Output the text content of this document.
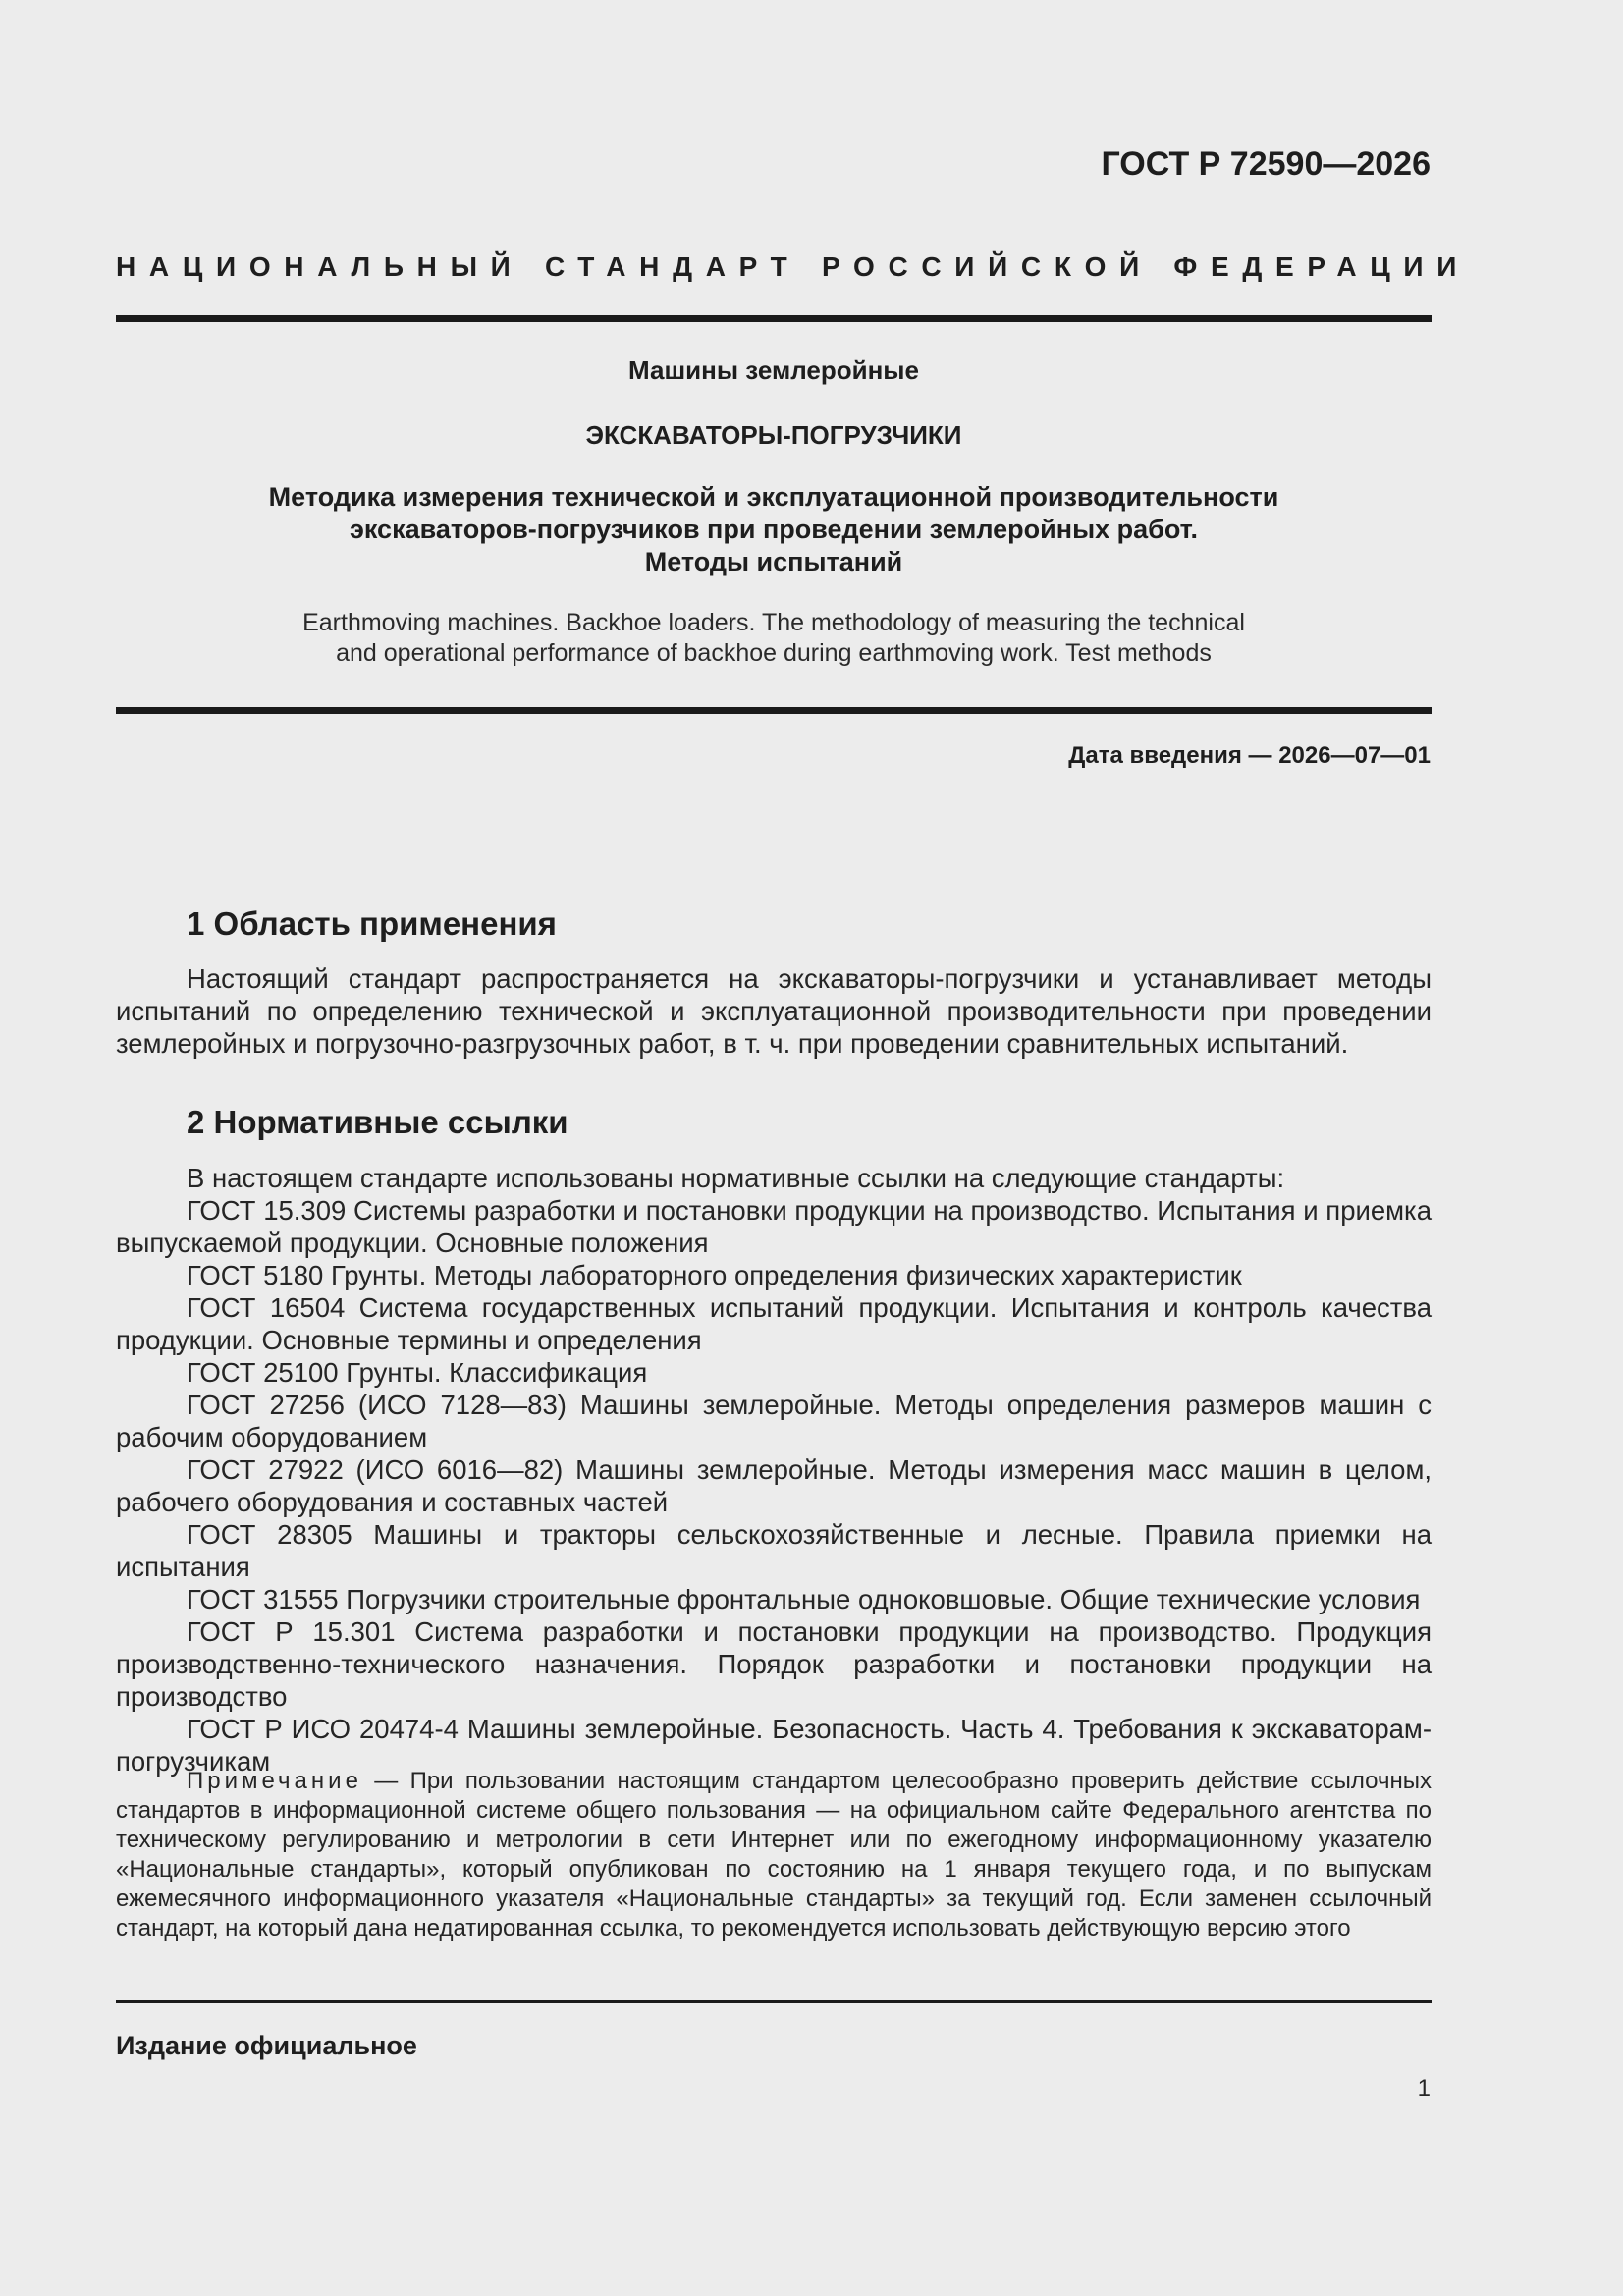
ГОСТ Р 72590—2026
НАЦИОНАЛЬНЫЙ СТАНДАРТ РОССИЙСКОЙ ФЕДЕРАЦИИ
Машины землеройные
ЭКСКАВАТОРЫ-ПОГРУЗЧИКИ
Методика измерения технической и эксплуатационной производительности
экскаваторов-погрузчиков при проведении землеройных работ.
Методы испытаний
Earthmoving machines. Backhoe loaders. The methodology of measuring the technical
and operational performance of backhoe during earthmoving work. Test methods
Дата введения — 2026—07—01
1 Область применения

Настоящий стандарт распространяется на экскаваторы-погрузчики и устанавливает методы испытаний по определению технической и эксплуатационной производительности при проведении землеройных и погрузочно-разгрузочных работ, в т. ч. при проведении сравнительных испытаний.

2 Нормативные ссылки

В настоящем стандарте использованы нормативные ссылки на следующие стандарты:

ГОСТ 15.309 Системы разработки и постановки продукции на производство. Испытания и приемка выпускаемой продукции. Основные положения

ГОСТ 5180 Грунты. Методы лабораторного определения физических характеристик

ГОСТ 16504 Система государственных испытаний продукции. Испытания и контроль качества продукции. Основные термины и определения

ГОСТ 25100 Грунты. Классификация

ГОСТ 27256 (ИСО 7128—83) Машины землеройные. Методы определения размеров машин с рабочим оборудованием

ГОСТ 27922 (ИСО 6016—82) Машины землеройные. Методы измерения масс машин в целом, рабочего оборудования и составных частей

ГОСТ 28305 Машины и тракторы сельскохозяйственные и лесные. Правила приемки на испытания

ГОСТ 31555 Погрузчики строительные фронтальные одноковшовые. Общие технические условия

ГОСТ Р 15.301 Система разработки и постановки продукции на производство. Продукция производственно-технического назначения. Порядок разработки и постановки продукции на производство

ГОСТ Р ИСО 20474-4 Машины землеройные. Безопасность. Часть 4. Требования к экскаваторам-погрузчикам

Примечание — При пользовании настоящим стандартом целесообразно проверить действие ссылочных стандартов в информационной системе общего пользования — на официальном сайте Федерального агентства по техническому регулированию и метрологии в сети Интернет или по ежегодному информационному указателю «Национальные стандарты», который опубликован по состоянию на 1 января текущего года, и по выпускам ежемесячного информационного указателя «Национальные стандарты» за текущий год. Если заменен ссылочный стандарт, на который дана недатированная ссылка, то рекомендуется использовать действующую версию этого

Издание официальное
1
